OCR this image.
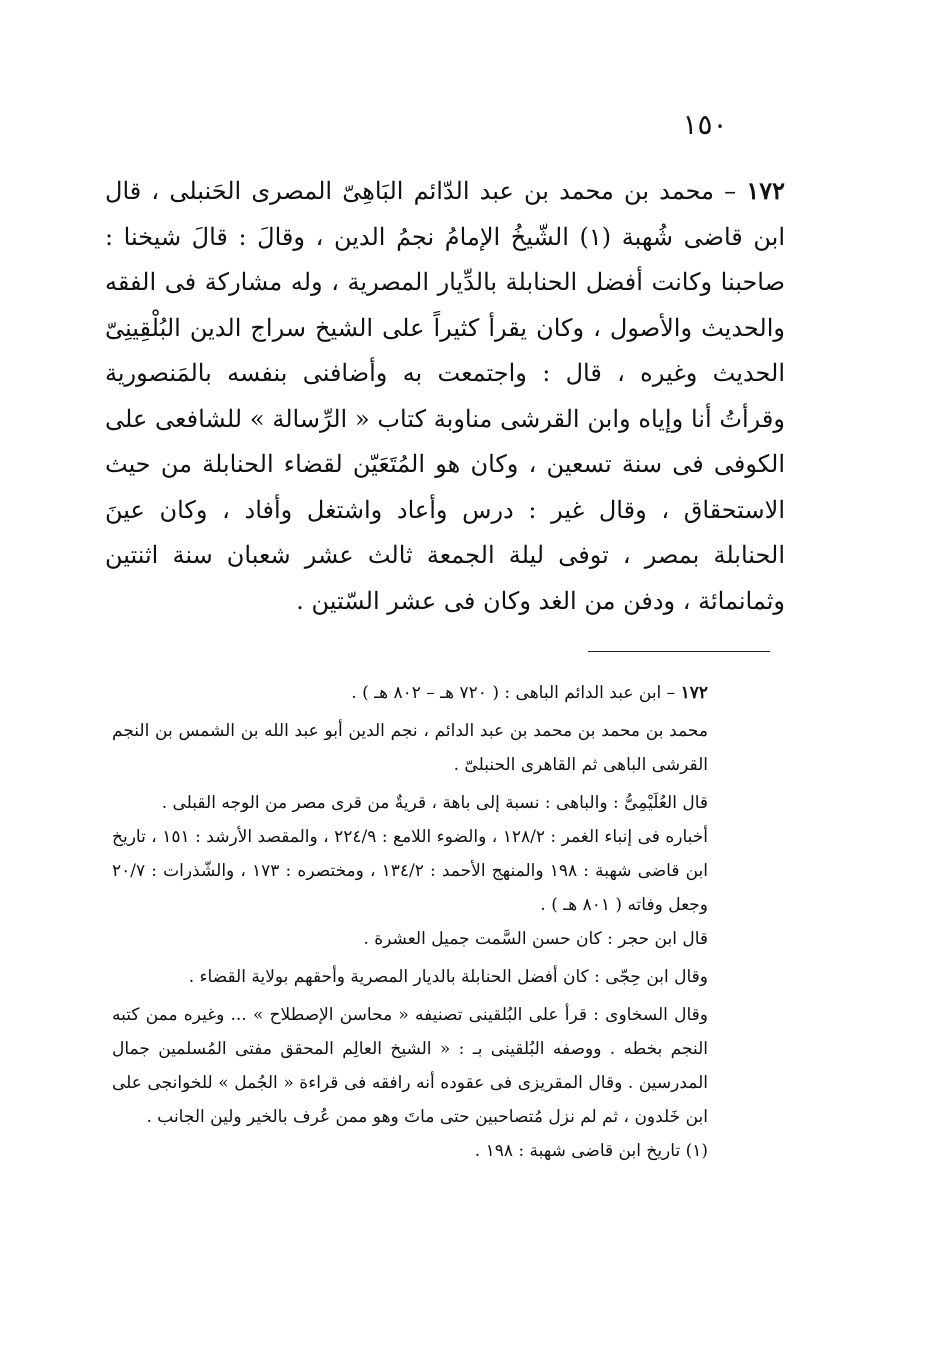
١٥٠

١٧٢ – محمد بن محمد بن عبد الدّائم البَاهِىّ المصرى الحَنبلى ، قال ابن قاضى شُهبة (١) الشّيخُ الإمامُ نجمُ الدين ، وقالَ : قالَ شيخنا : صاحبنا وكانت أفضل الحنابلة بالدِّيار المصرية ، وله مشاركة فى الفقه والحديث والأصول ، وكان يقرأ كثيراً على الشيخ سراج الدين البُلْقِينِىّ الحديث وغيره ، قال : واجتمعت به وأضافنى بنفسه بالمَنصورية وقرأتُ أنا وإياه وابن القرشى مناوبة كتاب « الرِّسالة » للشافعى على الكوفى فى سنة تسعين ، وكان هو المُتَعَيّن لقضاء الحنابلة من حيث الاستحقاق ، وقال غير : درس وأعاد واشتغل وأفاد ، وكان عينَ الحنابلة بمصر ، توفى ليلة الجمعة ثالث عشر شعبان سنة اثنتين وثمانمائة ، ودفن من الغد وكان فى عشر السّتين .

١٧٢ – ابن عبد الدائم الباهى : ( ٧٢٠ هـ – ٨٠٢ هـ ) .

محمد بن محمد بن محمد بن عبد الدائم ، نجم الدين أبو عبد الله بن الشمس بن النجم القرشى الباهى ثم القاهرى الحنبلىّ .

قال العُلَيْمِىُّ : والباهى : نسبة إلى باهة ، قريةٌ من قرى مصر من الوجه القبلى .

أخباره فى إنباء الغمر : ١٢٨/٢ ، والضوء اللامع : ٢٢٤/٩ ، والمقصد الأرشد : ١٥١ ، تاريخ ابن قاضى شهبة : ١٩٨ والمنهج الأحمد : ١٣٤/٢ ، ومختصره : ١٧٣ ، والشّذرات : ٢٠/٧ وجعل وفاته ( ٨٠١ هـ ) .

قال ابن حجر : كان حسن السَّمت جميل العشرة .

وقال ابن حِجّى : كان أفضل الحنابلة بالديار المصرية وأحقهم بولاية القضاء .

وقال السخاوى : قرأ على البُلقينى تصنيفه « محاسن الإصطلاح » ... وغيره ممن كتبه النجم بخطه . ووصفه البُلقينى بـ : « الشيخ العالِم المحقق مفتى المُسلمين جمال المدرسين . وقال المقريزى فى عقوده أنه رافقه فى قراءة « الجُمل » للخوانجى على ابن خَلدون ، ثم لم نزل مُتصاحبين حتى ماتَ وهو ممن عُرف بالخير ولين الجانب .

(١) تاريخ ابن قاضى شهبة : ١٩٨ .
